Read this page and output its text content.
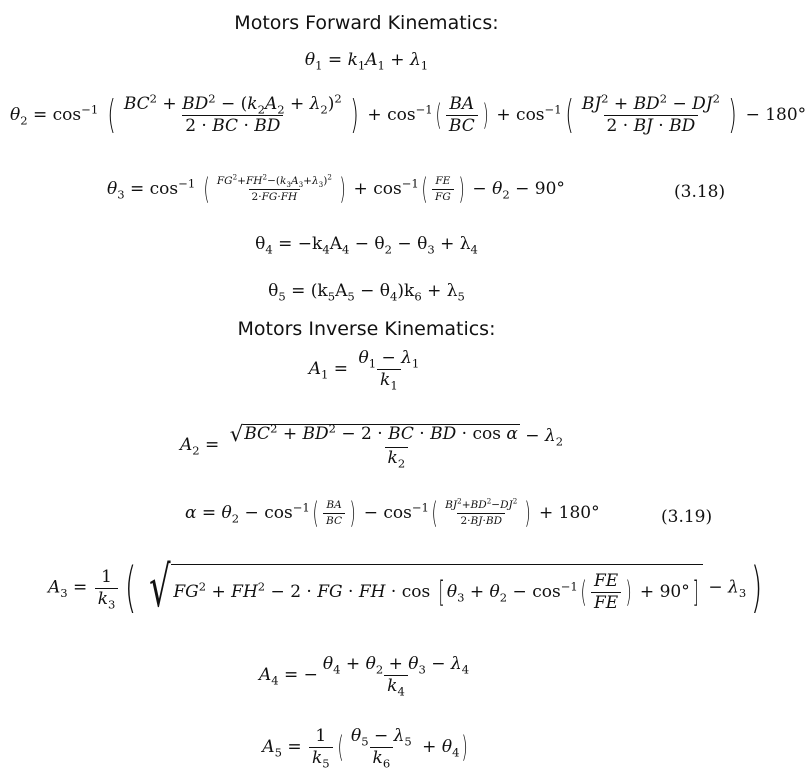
Motors Forward Kinematics:
Motors Inverse Kinematics:
(3.18)
(3.19)
$\theta_1 = k_1A_1 + \lambda_1$
$\theta_2 = \cos^{-1}$ ( $\frac{BC^2 + BD^2 - (k_2A_2 + \lambda_2)^2}{2 \cdot BC \cdot BD}$ ) + $\cos^{-1}( \frac{BA}{BC}$ ) + $\cos^{-1}( \frac{BJ^2 + BD^2 - DJ^2}{2 \cdot BJ \cdot BD}$ ) − 180°
$\theta_3 = \cos^{-1}$ ( $\frac{FG^2+FH^2-(k_3A_3+\lambda_3)^2}{2\cdot FG\cdot FH}$ ) + $\cos^{-1}( \frac{FE}{FG}$ ) − $\theta_2 - 90^\circ$
$\theta_4 = -k_4A_4 - \theta_2 - \theta_3 + \lambda_4$
$\theta_5 = (k_5A_5 - \theta_4)k_6 + \lambda_5$
$A_1 = \frac{\theta_1 - \lambda_1}{k_1}$
$A_2 = \frac{√ BC^2 + BD^2 - 2 \cdot BC \cdot BD \cdot \cos \alpha - \lambda_2}{k_2}$
$\alpha = \theta_2 - \cos^{-1}( \frac{BA}{BC}$ ) − $\cos^{-1}( \frac{BJ^2+BD^2-DJ^2}{2\cdot BJ\cdot BD}$ ) + 180°
$A_3 = \frac{1}{k_3}$ ( √ $FG^2 + FH^2 - 2$ · FG · FH · cos [ $\theta_3 + \theta_2 - \cos^{-1}( \frac{FE}{FE}$ ) + $90^\circ] - \lambda_3$)
$A_4$ = − $\frac{\theta_4 + \theta_2 + \theta_3 - \lambda_4}{k_4}$
$A_5 = \frac{1}{k_5}$ ( $\frac{\theta_5 - \lambda_5}{k_6} + \theta_4$)
